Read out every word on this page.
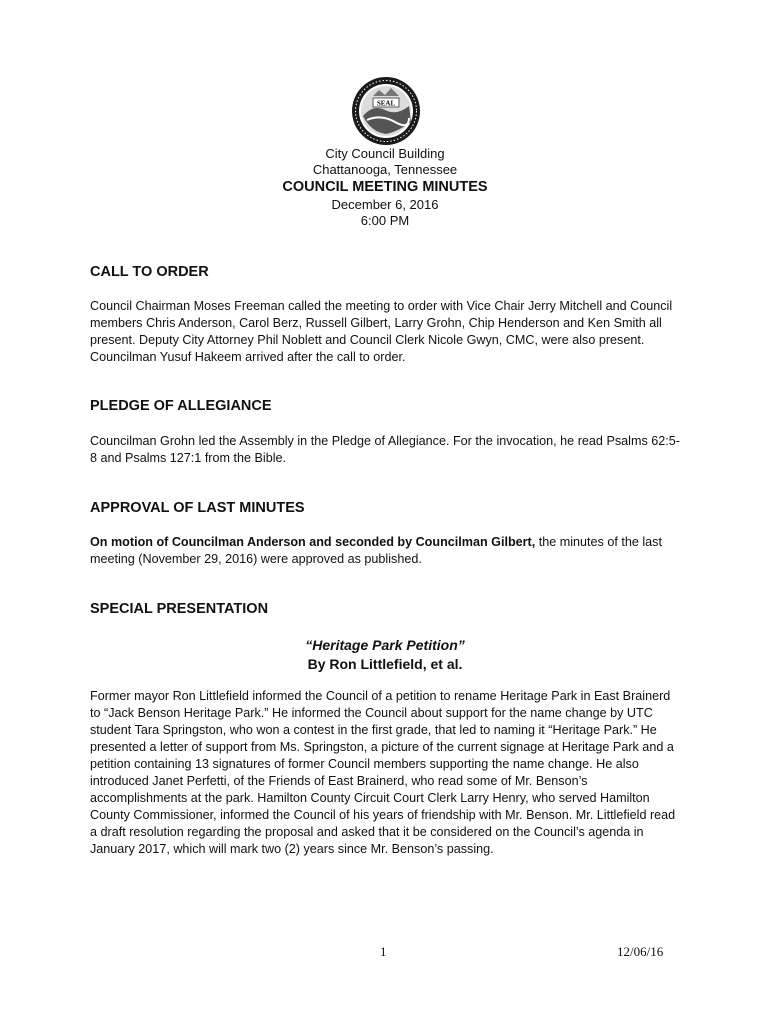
SEAL
City Council Building
Chattanooga, Tennessee
COUNCIL MEETING MINUTES
December 6, 2016
6:00 PM
CALL TO ORDER

Council Chairman Moses Freeman called the meeting to order with Vice Chair Jerry Mitchell and Council members Chris Anderson, Carol Berz, Russell Gilbert, Larry Grohn, Chip Henderson and Ken Smith all present. Deputy City Attorney Phil Noblett and Council Clerk Nicole Gwyn, CMC, were also present. Councilman Yusuf Hakeem arrived after the call to order.

PLEDGE OF ALLEGIANCE

Councilman Grohn led the Assembly in the Pledge of Allegiance. For the invocation, he read Psalms 62:5-8 and Psalms 127:1 from the Bible.

APPROVAL OF LAST MINUTES

On motion of Councilman Anderson and seconded by Councilman Gilbert, the minutes of the last meeting (November 29, 2016) were approved as published.

SPECIAL PRESENTATION
“Heritage Park Petition”
By Ron Littlefield, et al.

Former mayor Ron Littlefield informed the Council of a petition to rename Heritage Park in East Brainerd to “Jack Benson Heritage Park.” He informed the Council about support for the name change by UTC student Tara Springston, who won a contest in the first grade, that led to naming it “Heritage Park.” He presented a letter of support from Ms. Springston, a picture of the current signage at Heritage Park and a petition containing 13 signatures of former Council members supporting the name change. He also introduced Janet Perfetti, of the Friends of East Brainerd, who read some of Mr. Benson’s accomplishments at the park. Hamilton County Circuit Court Clerk Larry Henry, who served Hamilton County Commissioner, informed the Council of his years of friendship with Mr. Benson. Mr. Littlefield read a draft resolution regarding the proposal and asked that it be considered on the Council’s agenda in January 2017, which will mark two (2) years since Mr. Benson’s passing.

1	12/06/16
